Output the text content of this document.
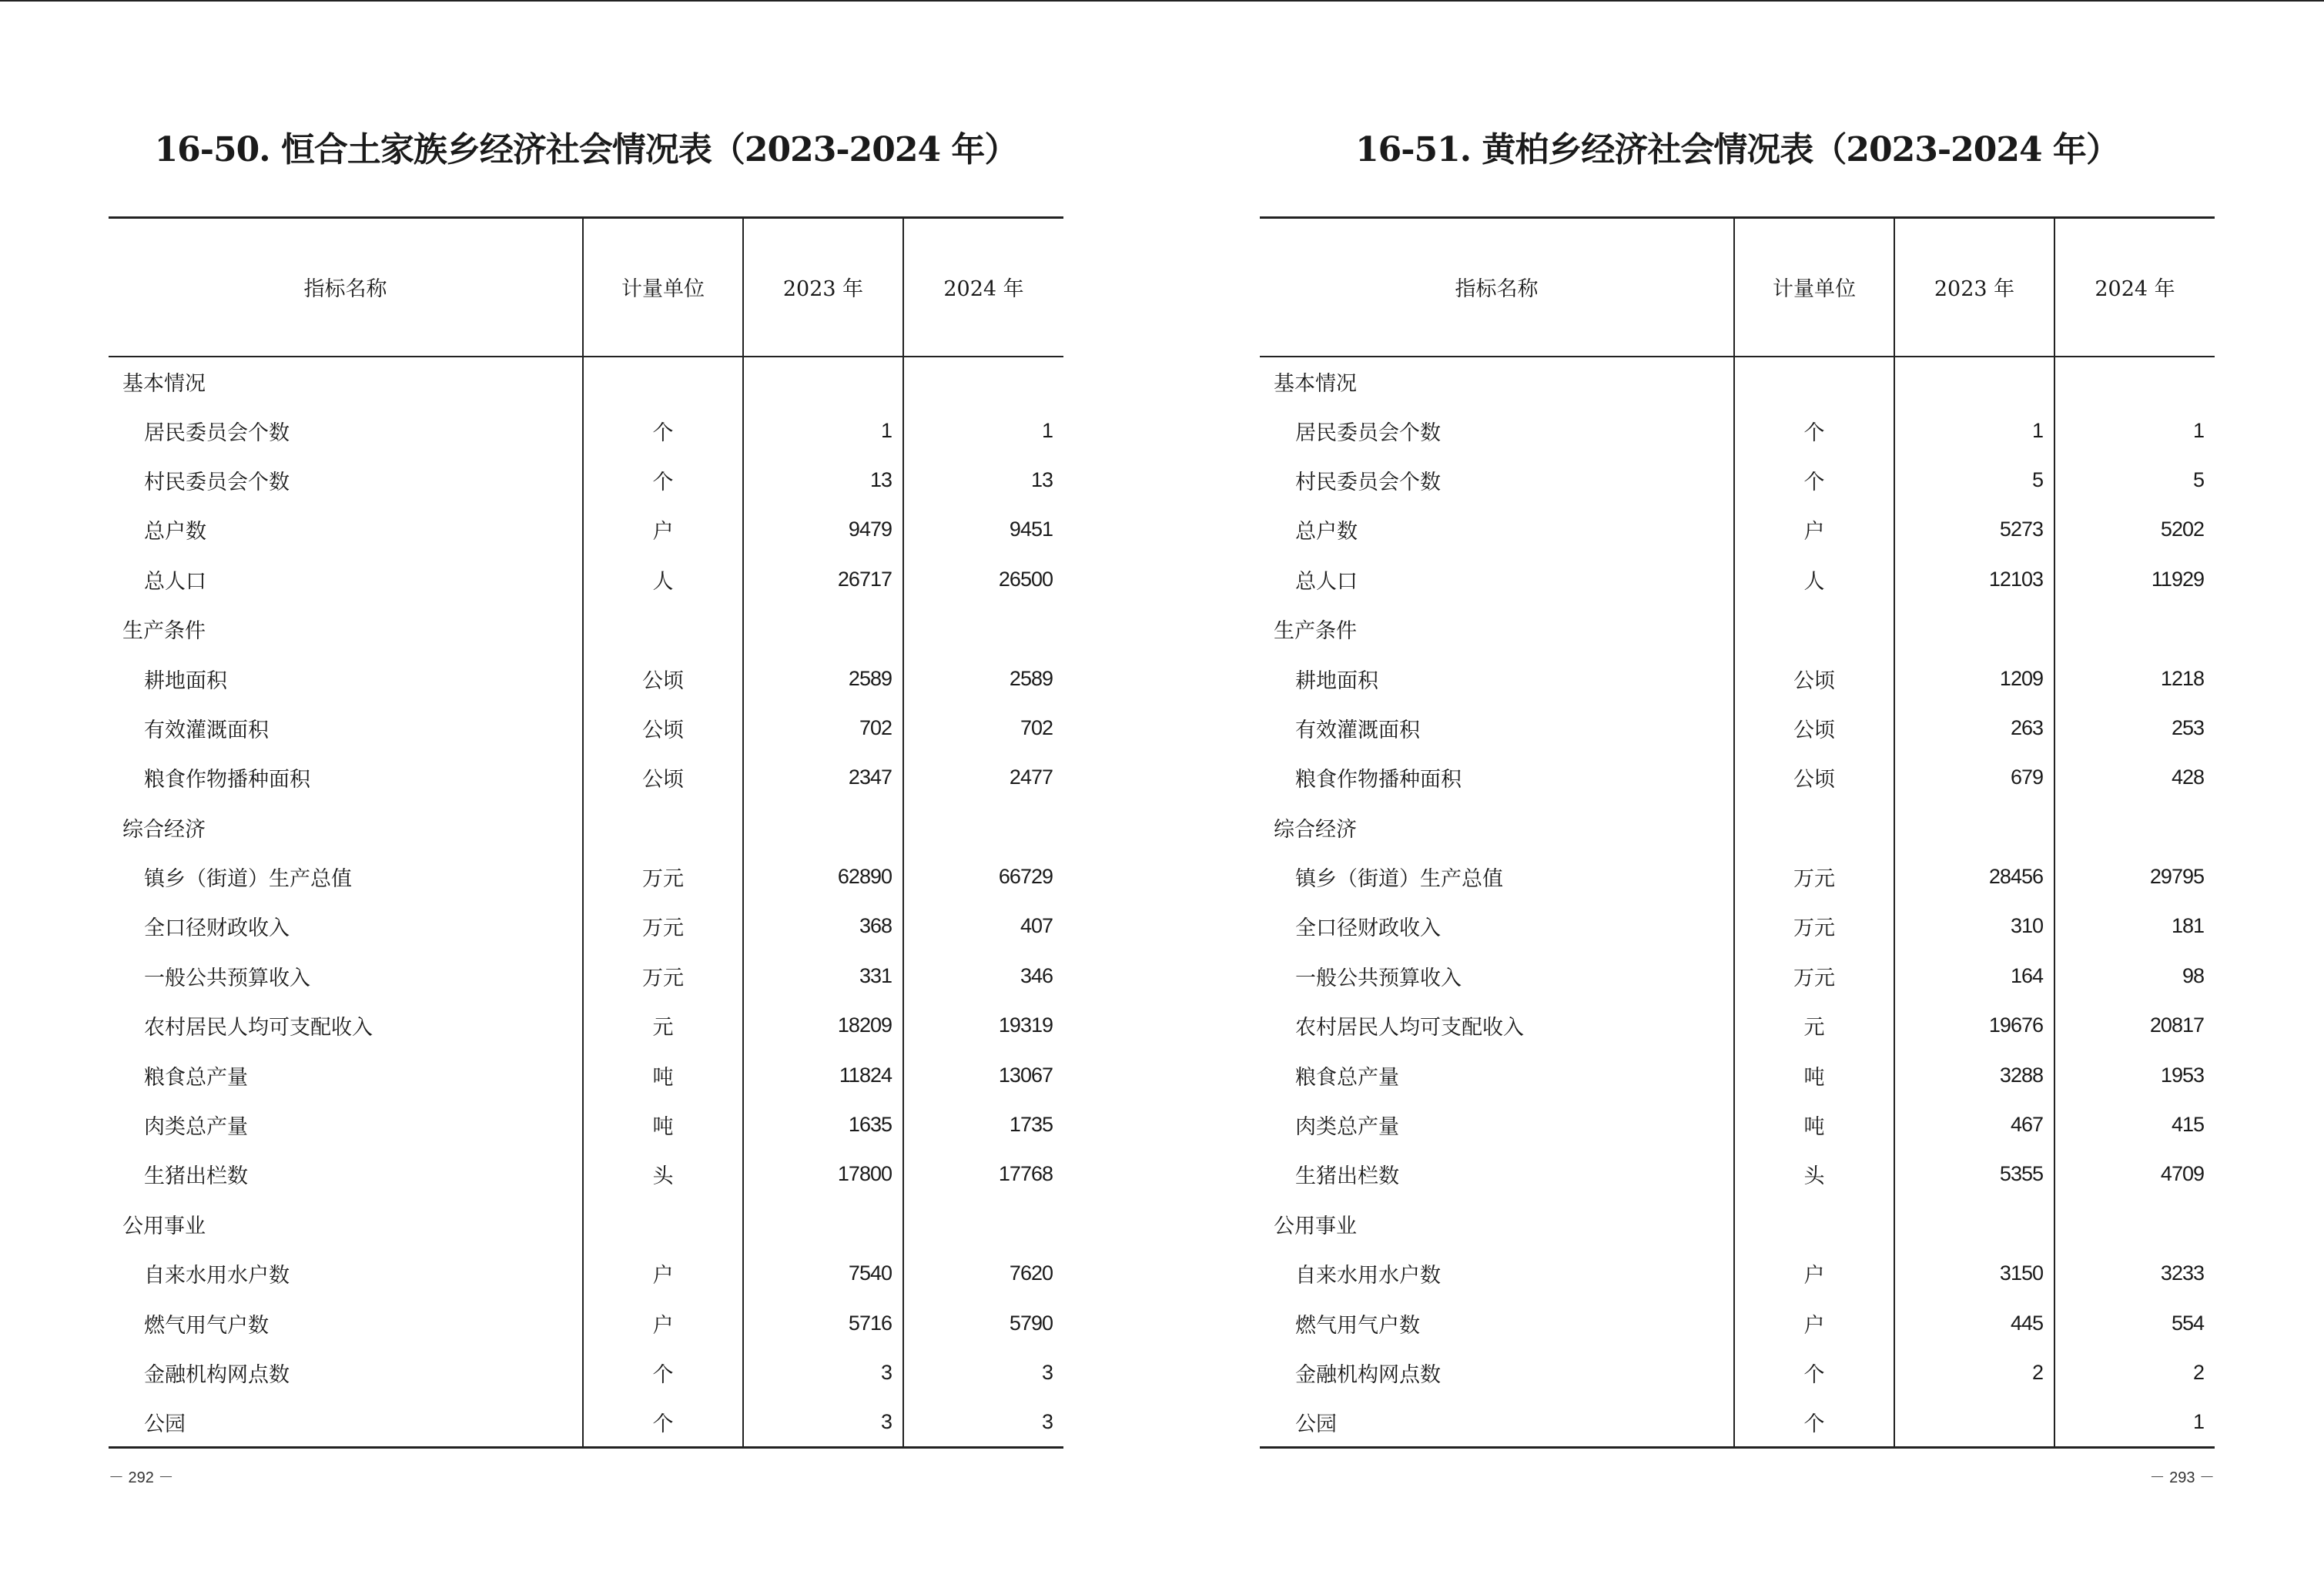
16-50. 恒合土家族乡经济社会情况表（2023-2024 年）
指标名称	计量单位	2023 年	2024 年
基本情况			
居民委员会个数	个	1	1
村民委员会个数	个	13	13
总户数	户	9479	9451
总人口	人	26717	26500
生产条件			
耕地面积	公顷	2589	2589
有效灌溉面积	公顷	702	702
粮食作物播种面积	公顷	2347	2477
综合经济			
镇乡（街道）生产总值	万元	62890	66729
全口径财政收入	万元	368	407
一般公共预算收入	万元	331	346
农村居民人均可支配收入	元	18209	19319
粮食总产量	吨	11824	13067
肉类总产量	吨	1635	1735
生猪出栏数	头	17800	17768
公用事业			
自来水用水户数	户	7540	7620
燃气用气户数	户	5716	5790
金融机构网点数	个	3	3
公园	个	3	3
－ 292 －
16-51. 黄柏乡经济社会情况表（2023-2024 年）
指标名称	计量单位	2023 年	2024 年
基本情况			
居民委员会个数	个	1	1
村民委员会个数	个	5	5
总户数	户	5273	5202
总人口	人	12103	11929
生产条件			
耕地面积	公顷	1209	1218
有效灌溉面积	公顷	263	253
粮食作物播种面积	公顷	679	428
综合经济			
镇乡（街道）生产总值	万元	28456	29795
全口径财政收入	万元	310	181
一般公共预算收入	万元	164	98
农村居民人均可支配收入	元	19676	20817
粮食总产量	吨	3288	1953
肉类总产量	吨	467	415
生猪出栏数	头	5355	4709
公用事业			
自来水用水户数	户	3150	3233
燃气用气户数	户	445	554
金融机构网点数	个	2	2
公园	个		1
－ 293 －
